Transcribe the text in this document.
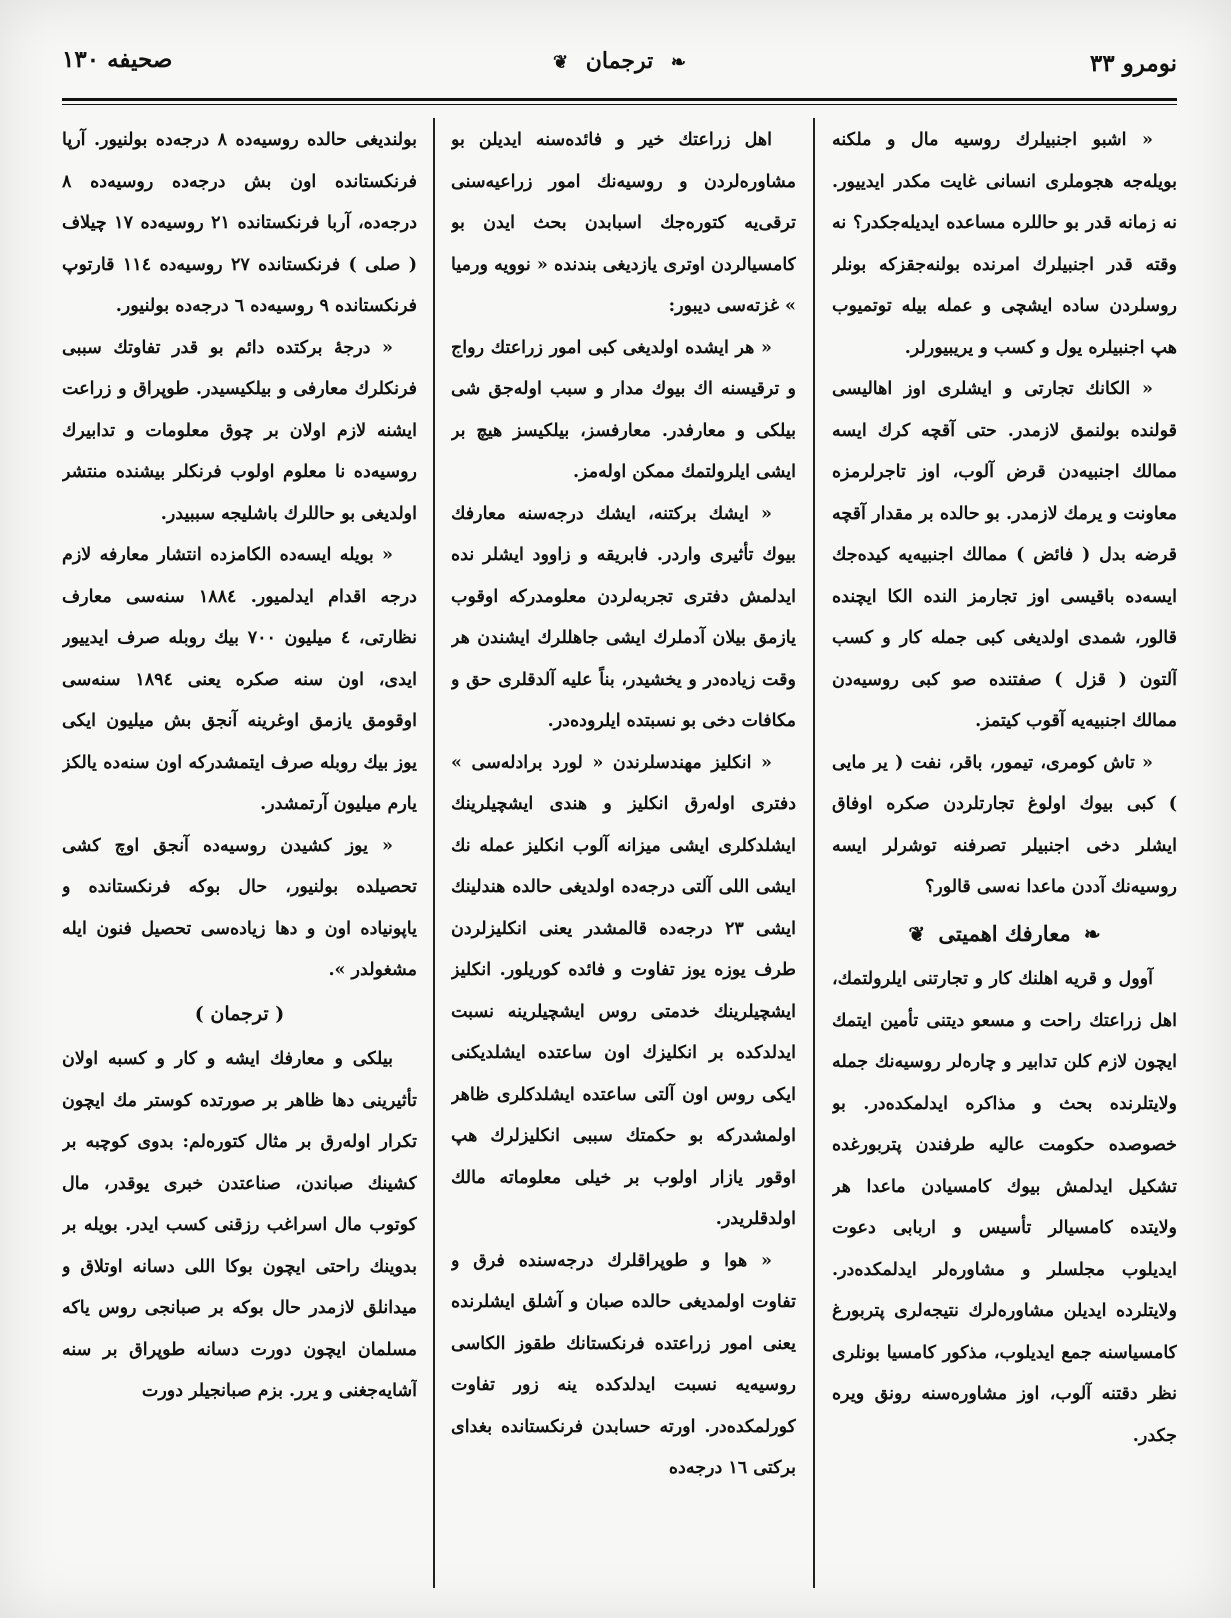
نومرو ٣٣
❧ ترجمان ❦
صحیفه ١٣٠

« اشبو اجنبیلرك روسیه مال و ملكنه بویله‌جه هجوملری انسانی غایت مكدر ایدییور. نه زمانه قدر بو حاللره مساعده ایدیله‌جكدر؟ نه وقته قدر اجنبیلرك امرنده بولنه‌جقزكه بونلر روسلردن ساده ایشچی و عمله بیله توتمیوب هپ اجنبیلره یول و كسب و یریبیورلر.

« الكانك تجارتی و ایشلری اوز اهالیسی قولنده بولنمق لازمدر. حتی آقچه كرك ایسه ممالك اجنبیه‌دن قرض آلوب، اوز تاجرلرمزه معاونت و یرمك لازمدر. بو حالده بر مقدار آقچه قرضه بدل ( فائض ) ممالك اجنبیه‌یه كیده‌جك ایسه‌ده باقیسی اوز تجارمز النده الكا ایچنده قالور، شمدی اولدیغی كبی جمله كار و كسب آلتون ( قزل ) صفتنده صو كبی روسیه‌دن ممالك اجنبیه‌یه آقوب كیتمز.

« تاش كومری، تیمور، باقر، نفت ( یر مایی ) كبی بیوك اولوغ تجارتلردن صكره اوفاق ایشلر دخی اجنبیلر تصرفنه توشرلر ایسه روسیه‌نك آددن ماعدا نه‌سی قالور؟

❧ معارفك اهمیتی ❦

آوول و قریه اهلنك كار و تجارتنی ایلرولتمك، اهل زراعتك راحت و مسعو دیتنی تأمین ایتمك ایچون لازم كلن تدابیر و چاره‌لر روسیه‌نك جمله ولایتلرنده بحث و مذاكره ایدلمكده‌در. بو خصوصده حكومت عالیه طرفندن پتربورغده تشكیل ایدلمش بیوك كامسیادن ماعدا هر ولایتده كامسیالر تأسیس و اربابی دعوت ایدیلوب مجلسلر و مشاوره‌لر ایدلمكده‌در. ولایتلرده ایدیلن مشاوره‌لرك نتیجه‌لری پتربورغ كامسیاسنه جمع ایدیلوب، مذكور كامسیا بونلری نظر دقتنه آلوب، اوز مشاوره‌سنه رونق ویره جكدر.

اهل زراعتك خیر و فائده‌سنه ایدیلن بو مشاوره‌لردن و روسیه‌نك امور زراعیه‌سنی ترقی‌یه كتوره‌جك اسبابدن بحث ایدن بو كامسیالردن اوتری یازدیغی بندنده « نوویه ورمیا » غزته‌سی دیبور:

« هر ایشده اولدیغی كبی امور زراعتك رواج و ترقیسنه اك بیوك مدار و سبب اوله‌جق شی بیلكی و معارفدر. معارفسز، بیلكیسز هیچ بر ایشی ایلرولتمك ممكن اوله‌مز.

« ایشك بركتنه، ایشك درجه‌سنه معارفك بیوك تأثیری واردر. فابریقه و زاوود ایشلر نده ایدلمش دفتری تجربه‌لردن معلومدركه اوقوب یازمق بیلان آدملرك ایشی جاهللرك ایشندن هر وقت زیاده‌در و یخشیدر، بناً علیه آلدقلری حق و مكافات دخی بو نسبتده ایلروده‌در.

« انكلیز مهندسلرندن « لورد برادله‌سی » دفتری اوله‌رق انكلیز و هندی ایشچیلرینك ایشلدكلری ایشی میزانه آلوب انكلیز عمله نك ایشی اللی آلتی درجه‌ده اولدیغی حالده هندلینك ایشی ٢٣ درجه‌ده قالمشدر یعنی انكلیزلردن طرف یوزه یوز تفاوت و فائده كوریلور. انكلیز ایشچیلرینك خدمتی روس ایشچیلرینه نسبت ایدلدكده بر انكلیزك اون ساعتده ایشلدیكنی ایكی روس اون آلتی ساعتده ایشلدكلری ظاهر اولمشدركه بو حكمتك سببی انكلیزلرك هپ اوقور یازار اولوب بر خیلی معلوماته مالك اولدقلریدر.

« هوا و طوپراقلرك درجه‌سنده فرق و تفاوت اولمدیغی حالده صبان و آشلق ایشلرنده یعنی امور زراعتده فرنكستانك طقوز الكاسی روسیه‌یه نسبت ایدلدكده ینه زور تفاوت كورلمكده‌در. اورته حسابدن فرنكستانده بغدای بركتی ١٦ درجه‌ده

بولندیغی حالده روسیه‌ده ٨ درجه‌ده بولنیور. آرپا فرنكستانده اون بش درجه‌ده روسیه‌ده ٨ درجه‌ده، آربا فرنكستانده ٢١ روسیه‌ده ١٧ چیلاف ( صلی ) فرنكستانده ٢٧ روسیه‌ده ١١٤ قارتوپ فرنكستانده ٩ روسیه‌ده ٦ درجه‌ده بولنیور.

« درجۀ بركتده دائم بو قدر تفاوتك سببی فرنكلرك معارفی و بیلكیسیدر. طوپراق و زراعت ایشنه لازم اولان بر چوق معلومات و تدابیرك روسیه‌ده نا معلوم اولوب فرنكلر بیشنده منتشر اولدیغی بو حاللرك باشلیجه سببیدر.

« بویله ایسه‌ده الكامزده انتشار معارفه لازم درجه اقدام ایدلمیور. ١٨٨٤ سنه‌سی معارف نظارتی، ٤ میلیون ٧٠٠ بیك روبله صرف ایدییور ایدی، اون سنه صكره یعنی ١٨٩٤ سنه‌سی اوقومق یازمق اوغرینه آنجق بش میلیون ایكی یوز بیك روبله صرف ایتمشدركه اون سنه‌ده یالكز یارم میلیون آرتمشدر.

« یوز كشیدن روسیه‌ده آنجق اوچ كشی تحصیلده بولنیور، حال بوكه فرنكستانده و یاپونیاده اون و دها زیاده‌سی تحصیل فنون ایله مشغولدر ».

( ترجمان )

بیلكی و معارفك ایشه و كار و كسبه اولان تأثیرینی دها ظاهر بر صورتده كوستر مك ایچون تكرار اوله‌رق بر مثال كتوره‌لم: بدوی كوچبه بر كشینك صباندن، صناعتدن خبری یوقدر، مال كوتوب مال اسراغب رزقنی كسب ایدر. بویله بر بدوینك راحتی ایچون بوكا اللی دسانه اوتلاق و میدانلق لازمدر حال بوكه بر صبانجی روس یاكه مسلمان ایچون دورت دسانه طوپراق بر سنه آشایه‌جغنی و یرر. بزم صبانجیلر دورت
